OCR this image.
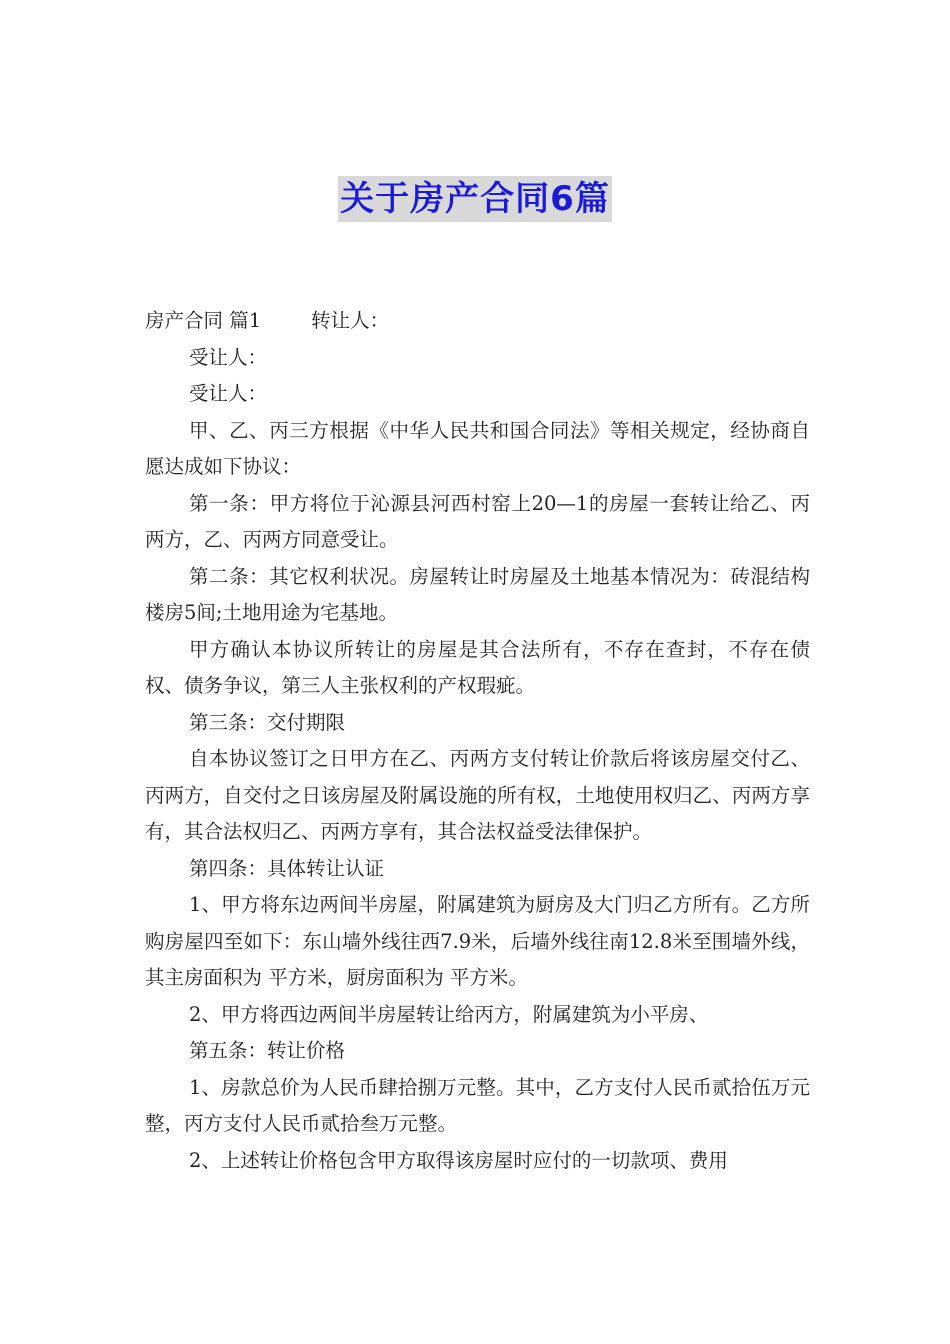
关于房产合同6篇

房产合同 篇1	转让人：

受让人：

受让人：

甲、乙、丙三方根据《中华人民共和国合同法》等相关规定，经协商自愿达成如下协议：

第一条：甲方将位于沁源县河西村窑上20—1的房屋一套转让给乙、丙两方，乙、丙两方同意受让。

第二条：其它权利状况。房屋转让时房屋及土地基本情况为：砖混结构楼房5间;土地用途为宅基地。

甲方确认本协议所转让的房屋是其合法所有，不存在查封，不存在债权、债务争议，第三人主张权利的产权瑕疵。

第三条：交付期限

自本协议签订之日甲方在乙、丙两方支付转让价款后将该房屋交付乙、丙两方，自交付之日该房屋及附属设施的所有权，土地使用权归乙、丙两方享有，其合法权归乙、丙两方享有，其合法权益受法律保护。

第四条：具体转让认证

1、甲方将东边两间半房屋，附属建筑为厨房及大门归乙方所有。乙方所购房屋四至如下：东山墙外线往西7.9米，后墙外线往南12.8米至围墙外线，其主房面积为 平方米，厨房面积为 平方米。

2、甲方将西边两间半房屋转让给丙方，附属建筑为小平房、

第五条：转让价格

1、房款总价为人民币肆拾捌万元整。其中，乙方支付人民币贰拾伍万元整，丙方支付人民币贰拾叁万元整。

2、上述转让价格包含甲方取得该房屋时应付的一切款项、费用
